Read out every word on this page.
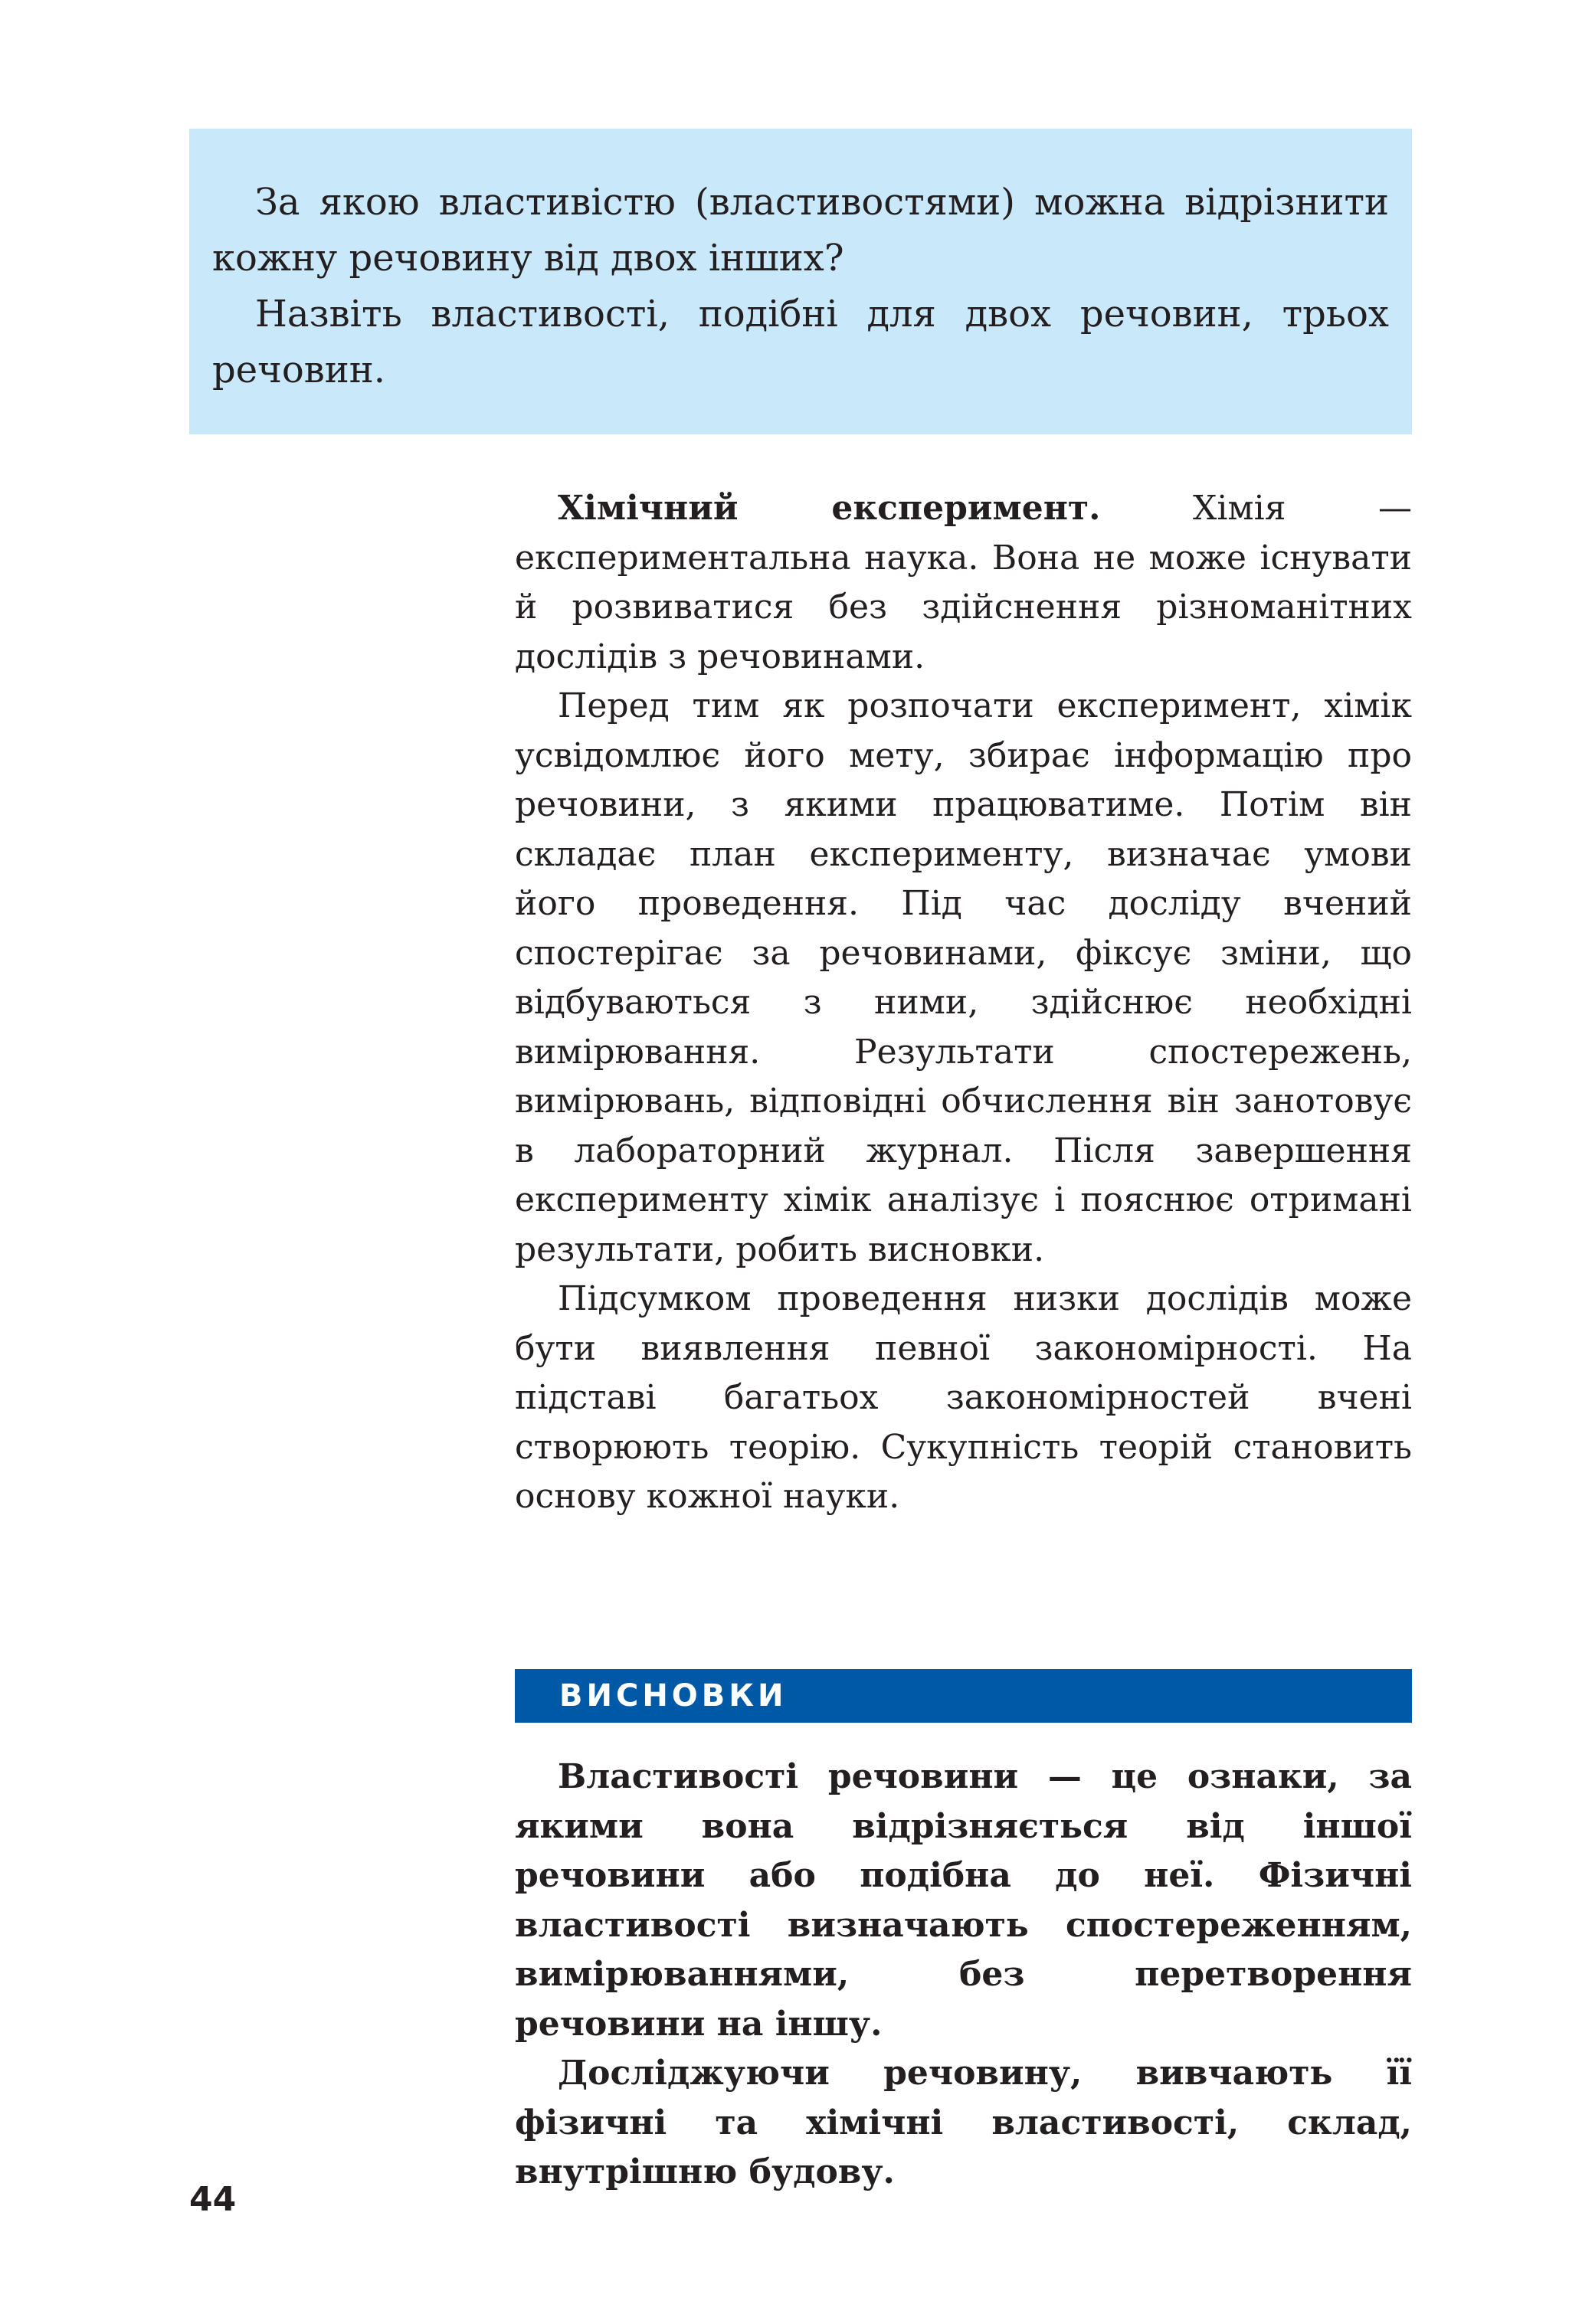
За якою властивістю (властивостями) можна відрізнити кожну речовину від двох інших?

Назвіть властивості, подібні для двох речовин, трьох речовин.

Хімічний експеримент. Хімія — експериментальна наука. Вона не може існувати й розвиватися без здійснення різноманітних дослідів з речовинами.

Перед тим як розпочати експеримент, хімік усвідомлює його мету, збирає інформацію про речовини, з якими працюватиме. Потім він складає план експерименту, визначає умови його проведення. Під час досліду вчений спостерігає за речовинами, фіксує зміни, що відбуваються з ними, здійснює необхідні вимірювання. Результати спостережень, вимірювань, відповідні обчислення він занотовує в лабораторний журнал. Після завершення експерименту хімік аналізує і пояснює отримані результати, робить висновки.

Підсумком проведення низки дослідів може бути виявлення певної закономірності. На підставі багатьох закономірностей вчені створюють теорію. Сукупність теорій становить основу кожної науки.

ВИСНОВКИ

Властивості речовини — це ознаки, за якими вона відрізняється від іншої речовини або подібна до неї. Фізичні властивості визначають спостереженням, вимірюваннями, без перетворення речовини на іншу.

Досліджуючи речовину, вивчають її фізичні та хімічні властивості, склад, внутрішню будову.

44
